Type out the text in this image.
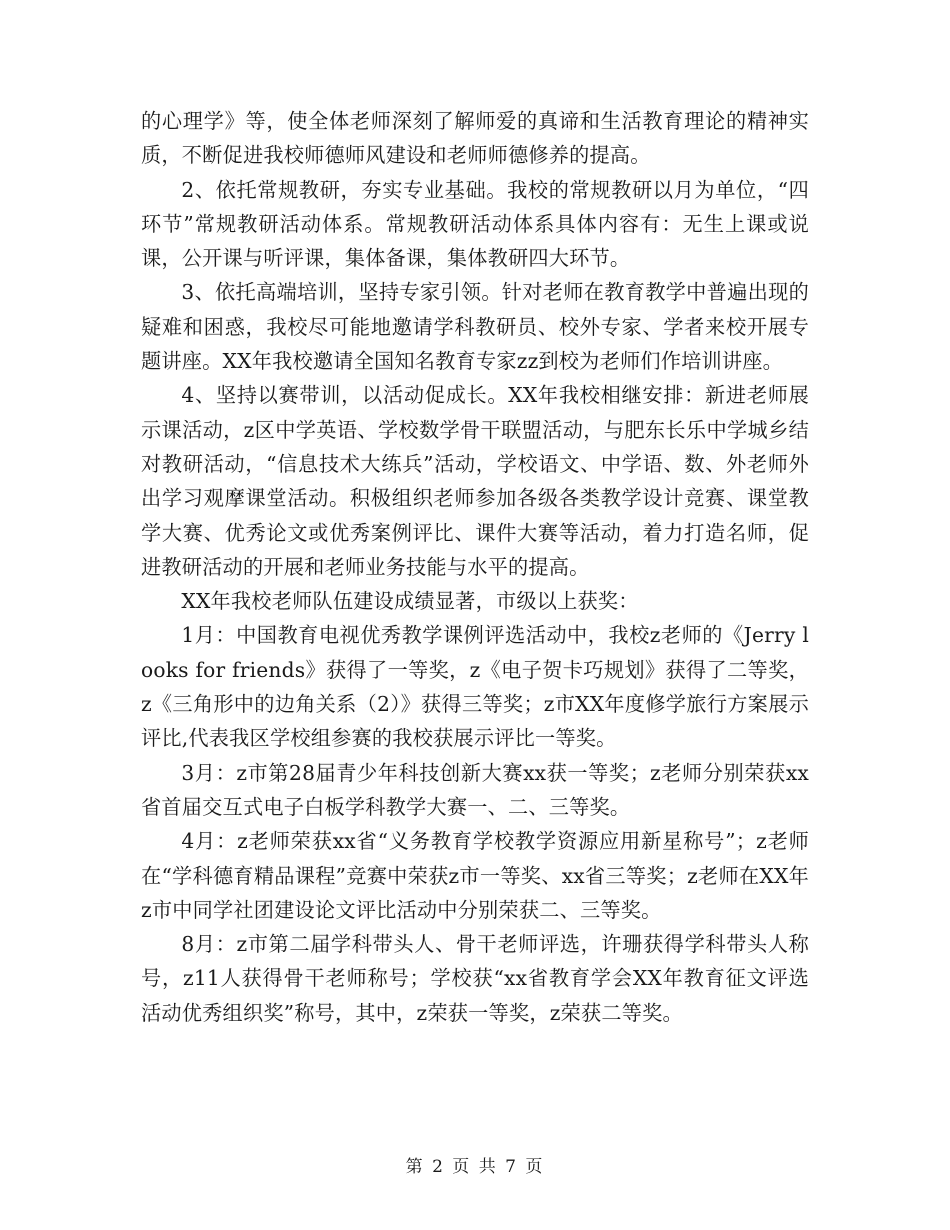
的心理学》等，使全体老师深刻了解师爱的真谛和生活教育理论的精神实质，不断促进我校师德师风建设和老师师德修养的提高。

2、依托常规教研，夯实专业基础。我校的常规教研以月为单位，“四环节”常规教研活动体系。常规教研活动体系具体内容有：无生上课或说课，公开课与听评课，集体备课，集体教研四大环节。

3、依托高端培训，坚持专家引领。针对老师在教育教学中普遍出现的疑难和困惑，我校尽可能地邀请学科教研员、校外专家、学者来校开展专题讲座。XX年我校邀请全国知名教育专家zz到校为老师们作培训讲座。

4、坚持以赛带训，以活动促成长。XX年我校相继安排：新进老师展示课活动，z区中学英语、学校数学骨干联盟活动，与肥东长乐中学城乡结对教研活动，“信息技术大练兵”活动，学校语文、中学语、数、外老师外出学习观摩课堂活动。积极组织老师参加各级各类教学设计竞赛、课堂教学大赛、优秀论文或优秀案例评比、课件大赛等活动，着力打造名师，促进教研活动的开展和老师业务技能与水平的提高。

XX年我校老师队伍建设成绩显著，市级以上获奖：

1月：中国教育电视优秀教学课例评选活动中，我校z老师的《Jerry looks for friends》获得了一等奖，z《电子贺卡巧规划》获得了二等奖，z《三角形中的边角关系（2）》获得三等奖；z市XX年度修学旅行方案展示评比,代表我区学校组参赛的我校获展示评比一等奖。

3月：z市第28届青少年科技创新大赛xx获一等奖；z老师分别荣获xx省首届交互式电子白板学科教学大赛一、二、三等奖。

4月：z老师荣获xx省“义务教育学校教学资源应用新星称号”；z老师在“学科德育精品课程”竞赛中荣获z市一等奖、xx省三等奖；z老师在XX年z市中同学社团建设论文评比活动中分别荣获二、三等奖。

8月：z市第二届学科带头人、骨干老师评选，许珊获得学科带头人称号，z11人获得骨干老师称号；学校获“xx省教育学会XX年教育征文评选活动优秀组织奖”称号，其中，z荣获一等奖，z荣获二等奖。

第 2 页 共 7 页
